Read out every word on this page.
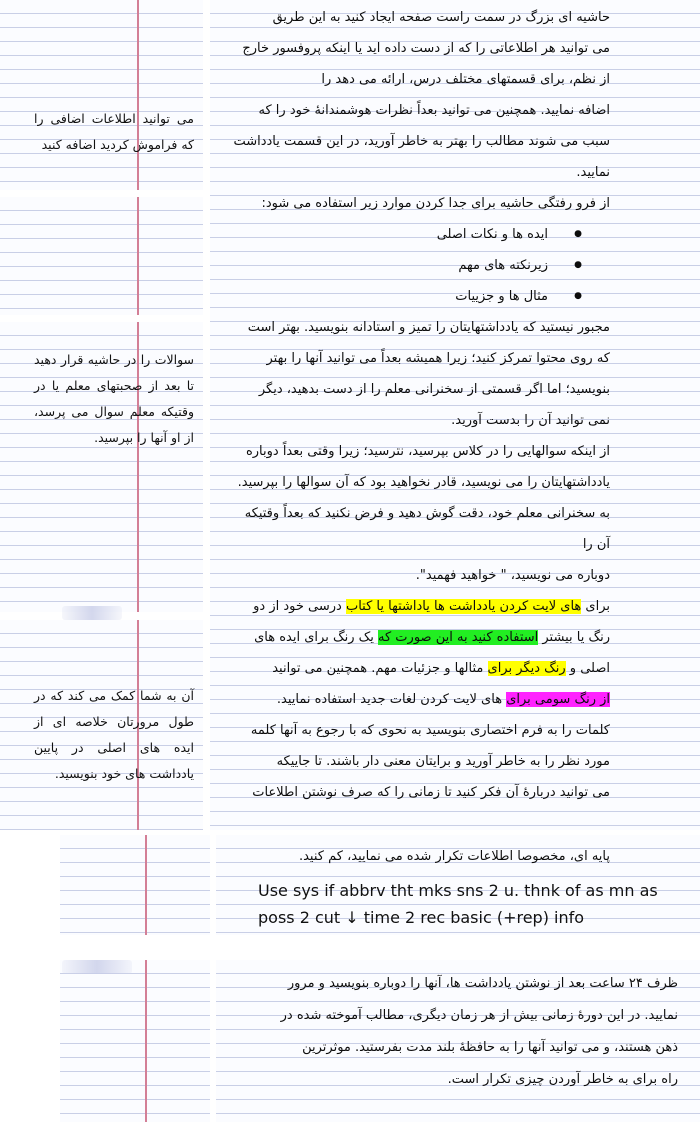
می توانید اطلاعات اضافی را که فراموش کردید اضافه کنید
سوالات را در حاشیه قرار دهید تا بعد از صحبتهای معلم یا در وقتیکه معلم سوال می پرسد، از او آنها را بپرسید.
آن به شما کمک می کند که در طول مرورتان خلاصه ای از ایده های اصلی در پایین یادداشت های خود بنویسید.

حاشیه ای بزرگ در سمت راست صفحه ایجاد کنید به این طریق

می توانید هر اطلاعاتی را که از دست داده اید یا اینکه پروفسور خارج

از نظم، برای قسمتهای مختلف درس، ارائه می دهد را

اضافه نمایید. همچنین می توانید بعداً نظرات هوشمندانهٔ خود را که

سبب می شوند مطالب را بهتر به خاطر آورید، در این قسمت یادداشت

نمایید.

از فرو رفتگی حاشیه برای جدا کردن موارد زیر استفاده می شود:

● ایده ها و نکات اصلی
● زیرنکته های مهم
● مثال ها و جزییات

مجبور نیستید که یادداشتهایتان را تمیز و استادانه بنویسید. بهتر است

که روی محتوا تمرکز کنید؛ زیرا همیشه بعداً می توانید آنها را بهتر

بنویسید؛ اما اگر قسمتی از سخنرانی معلم را از دست بدهید، دیگر

نمی توانید آن را بدست آورید.

از اینکه سوالهایی را در کلاس بپرسید، نترسید؛ زیرا وقتی بعداً دوباره

یادداشتهایتان را می نویسید، قادر نخواهید بود که آن سوالها را بپرسید.

به سخنرانی معلم خود، دقت گوش دهید و فرض نکنید که بعداً وقتیکه

آن را

دوباره می نویسید، " خواهید فهمید".

برای های لایت کردن یادداشت ها یاداشتها یا کتاب درسی خود از دو

رنگ یا بیشتر استفاده کنید به این صورت که یک رنگ برای ایده های

اصلی و رنگ دیگر برای مثالها و جزئیات مهم. همچنین می توانید

از رنگ سومی برای های لایت کردن لغات جدید استفاده نمایید.

کلمات را به فرم اختصاری بنویسید به نحوی که با رجوع به آنها کلمه

مورد نظر را به خاطر آورید و برایتان معنی دار باشند. تا جاییکه

می توانید دربارهٔ آن فکر کنید تا زمانی را که صرف نوشتن اطلاعات

پایه ای، مخصوصا اطلاعات تکرار شده می نمایید، کم کنید.

Use sys if abbrv tht mks sns 2 u. thnk of as mn as
poss 2 cut ↓ time 2 rec basic (+rep) info

ظرف ۲۴ ساعت بعد از نوشتن یادداشت ها، آنها را دوباره بنویسید و مرور

نمایید. در این دورهٔ زمانی بیش از هر زمان دیگری، مطالب آموخته شده در

ذهن هستند، و می توانید آنها را به حافظهٔ بلند مدت بفرستید. موثرترین

راه برای به خاطر آوردن چیزی تکرار است.
